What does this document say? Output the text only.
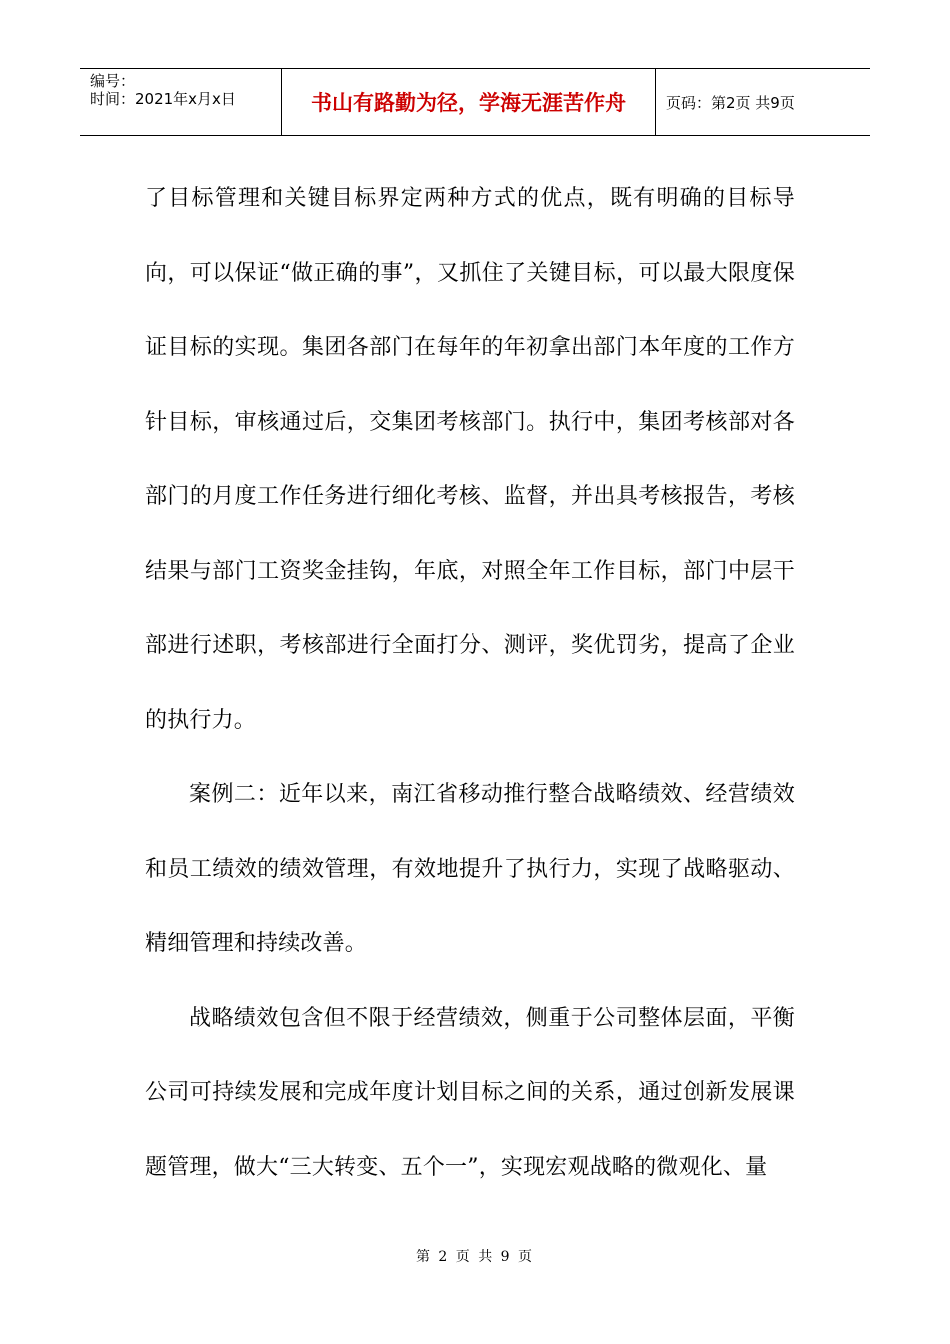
编号：
时间：2021年x月x日	书山有路勤为径，学海无涯苦作舟	页码：第2页 共9页

了目标管理和关键目标界定两种方式的优点，既有明确的目标导向，可以保证“做正确的事”，又抓住了关键目标，可以最大限度保证目标的实现。集团各部门在每年的年初拿出部门本年度的工作方针目标，审核通过后，交集团考核部门。执行中，集团考核部对各部门的月度工作任务进行细化考核、监督，并出具考核报告，考核结果与部门工资奖金挂钩，年底，对照全年工作目标，部门中层干部进行述职，考核部进行全面打分、测评，奖优罚劣，提高了企业的执行力。

案例二：近年以来，南江省移动推行整合战略绩效、经营绩效和员工绩效的绩效管理，有效地提升了执行力，实现了战略驱动、精细管理和持续改善。

战略绩效包含但不限于经营绩效，侧重于公司整体层面，平衡公司可持续发展和完成年度计划目标之间的关系，通过创新发展课题管理，做大“三大转变、五个一”，实现宏观战略的微观化、量

第 2 页 共 9 页
